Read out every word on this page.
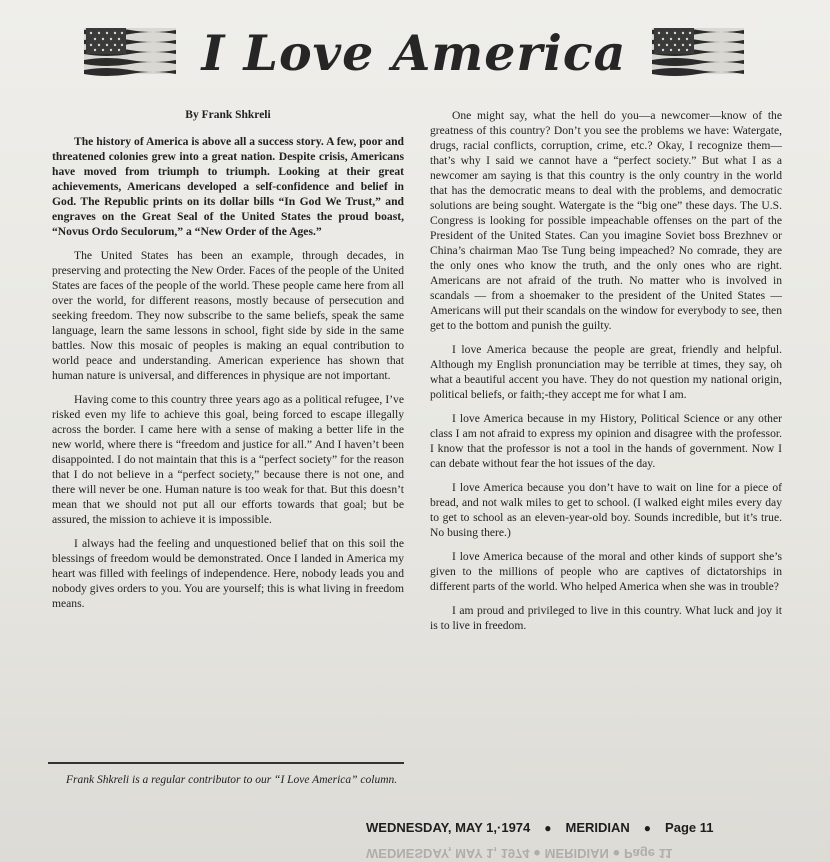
I Love America
By Frank Shkreli

The history of America is above all a success story. A few, poor and threatened colonies grew into a great nation. Despite crisis, Americans have moved from triumph to triumph. Looking at their great achievements, Americans developed a self-confidence and belief in God. The Republic prints on its dollar bills “In God We Trust,” and engraves on the Great Seal of the United States the proud boast, “Novus Ordo Seculorum,” a “New Order of the Ages.”

The United States has been an example, through decades, in preserving and protecting the New Order. Faces of the people of the United States are faces of the people of the world. These people came here from all over the world, for different reasons, mostly because of persecution and seeking freedom. They now subscribe to the same beliefs, speak the same language, learn the same lessons in school, fight side by side in the same battles. Now this mosaic of peoples is making an equal contribution to world peace and understanding. American experience has shown that human nature is universal, and differences in physique are not important.

Having come to this country three years ago as a political refugee, I’ve risked even my life to achieve this goal, being forced to escape illegally across the border. I came here with a sense of making a better life in the new world, where there is “freedom and justice for all.” And I haven’t been disappointed. I do not maintain that this is a “perfect society” for the reason that I do not believe in a “perfect society,” because there is not one, and there will never be one. Human nature is too weak for that. But this doesn’t mean that we should not put all our efforts towards that goal; but be assured, the mission to achieve it is impossible.

I always had the feeling and unquestioned belief that on this soil the blessings of freedom would be demonstrated. Once I landed in America my heart was filled with feelings of independence. Here, nobody leads you and nobody gives orders to you. You are yourself; this is what living in freedom means.

One might say, what the hell do you—a newcomer—know of the greatness of this country? Don’t you see the problems we have: Watergate, drugs, racial conflicts, corruption, crime, etc.? Okay, I recognize them—that’s why I said we cannot have a “perfect society.” But what I as a newcomer am saying is that this country is the only country in the world that has the democratic means to deal with the problems, and democratic solutions are being sought. Watergate is the “big one” these days. The U.S. Congress is looking for possible impeachable offenses on the part of the President of the United States. Can you imagine Soviet boss Brezhnev or China’s chairman Mao Tse Tung being impeached? No comrade, they are the only ones who know the truth, and the only ones who are right. Americans are not afraid of the truth. No matter who is involved in scandals — from a shoemaker to the president of the United States — Americans will put their scandals on the window for everybody to see, then get to the bottom and punish the guilty.

I love America because the people are great, friendly and helpful. Although my English pronunciation may be terrible at times, they say, oh what a beautiful accent you have. They do not question my national origin, political beliefs, or faith;-they accept me for what I am.

I love America because in my History, Political Science or any other class I am not afraid to express my opinion and disagree with the professor. I know that the professor is not a tool in the hands of government. Now I can debate without fear the hot issues of the day.

I love America because you don’t have to wait on line for a piece of bread, and not walk miles to get to school. (I walked eight miles every day to get to school as an eleven-year-old boy. Sounds incredible, but it’s true. No busing there.)

I love America because of the moral and other kinds of support she’s given to the millions of people who are captives of dictatorships in different parts of the world. Who helped America when she was in trouble?

I am proud and privileged to live in this country. What luck and joy it is to live in freedom.

Frank Shkreli is a regular contributor to our “I Love America” column.

WEDNESDAY, MAY 1,·1974 ● MERIDIAN ● Page 11
WEDNESDAY, MAY 1, 1974 ● MERIDIAN ● Page 11
